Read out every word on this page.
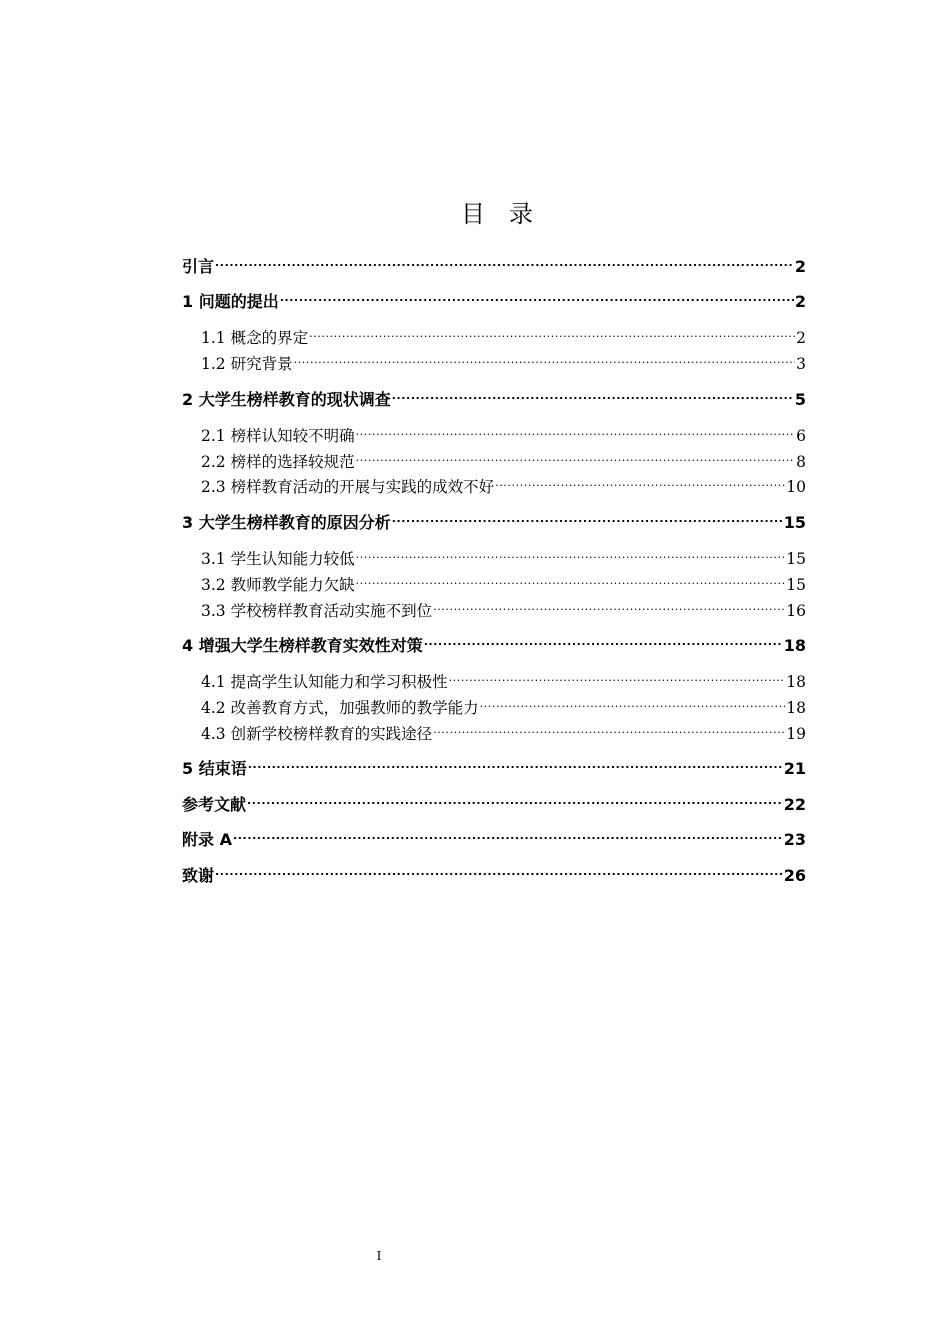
目 录
引言 .....	2
1 问题的提出 .....	2
1.1 概念的界定 .....	2
1.2 研究背景 .....	3
2 大学生榜样教育的现状调查 .....	5
2.1 榜样认知较不明确 .....	6
2.2 榜样的选择较规范 .....	8
2.3 榜样教育活动的开展与实践的成效不好 .....	10
3 大学生榜样教育的原因分析 .....	15
3.1 学生认知能力较低 .....	15
3.2 教师教学能力欠缺 .....	15
3.3 学校榜样教育活动实施不到位 .....	16
4 增强大学生榜样教育实效性对策 .....	18
4.1 提高学生认知能力和学习积极性 .....	18
4.2 改善教育方式，加强教师的教学能力 .....	18
4.3 创新学校榜样教育的实践途径 .....	19
5 结束语 .....	21
参考文献 .....	22
附录 A .....	23
致谢 .....	26
I
